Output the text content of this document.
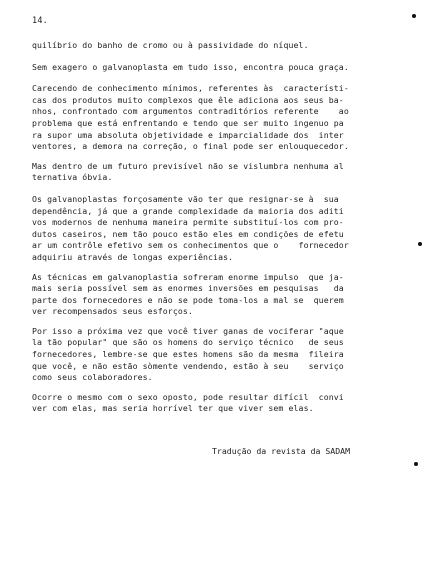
14.
quilíbrio do banho de cromo ou à passividade do níquel.
Sem exagero o galvanoplasta em tudo isso, encontra pouca graça.
Carecendo de conhecimento mínimos, referentes às  característi-
cas dos produtos muito complexos que êle adiciona aos seus ba-
nhos, confrontado com argumentos contraditórios referente    ao
problema que está enfrentando e tendo que ser muito ingenuo pa
ra supor uma absoluta objetividade e imparcialidade dos  inter
ventores, a demora na correção, o final pode ser enlouquecedor.
Mas dentro de um futuro previsível não se vislumbra nenhuma al
ternativa óbvia.
Os galvanoplastas forçosamente vão ter que resignar-se à  sua
dependência, já que a grande complexidade da maioria dos aditi
vos modernos de nenhuma maneira permite substituí-los com pro-
dutos caseiros, nem tão pouco estão eles em condições de efetu
ar um contrôle efetivo sem os conhecimentos que o    fornecedor
adquiriu através de longas experiências.
As técnicas em galvanoplastia sofreram enorme impulso  que ja-
mais seria possível sem as enormes inversões em pesquisas   da
parte dos fornecedores e não se pode toma-los a mal se  querem
ver recompensados seus esforços.
Por isso a próxima vez que você tiver ganas de vociferar "aque
la tão popular" que são os homens do serviço técnico   de seus
fornecedores, lembre-se que estes homens são da mesma  fileira
que você, e não estão sòmente vendendo, estão à seu    serviço
como seus colaboradores.
Ocorre o mesmo com o sexo oposto, pode resultar difícil  convi
ver com elas, mas seria horrível ter que viver sem elas.
Tradução da revista da SADAM
